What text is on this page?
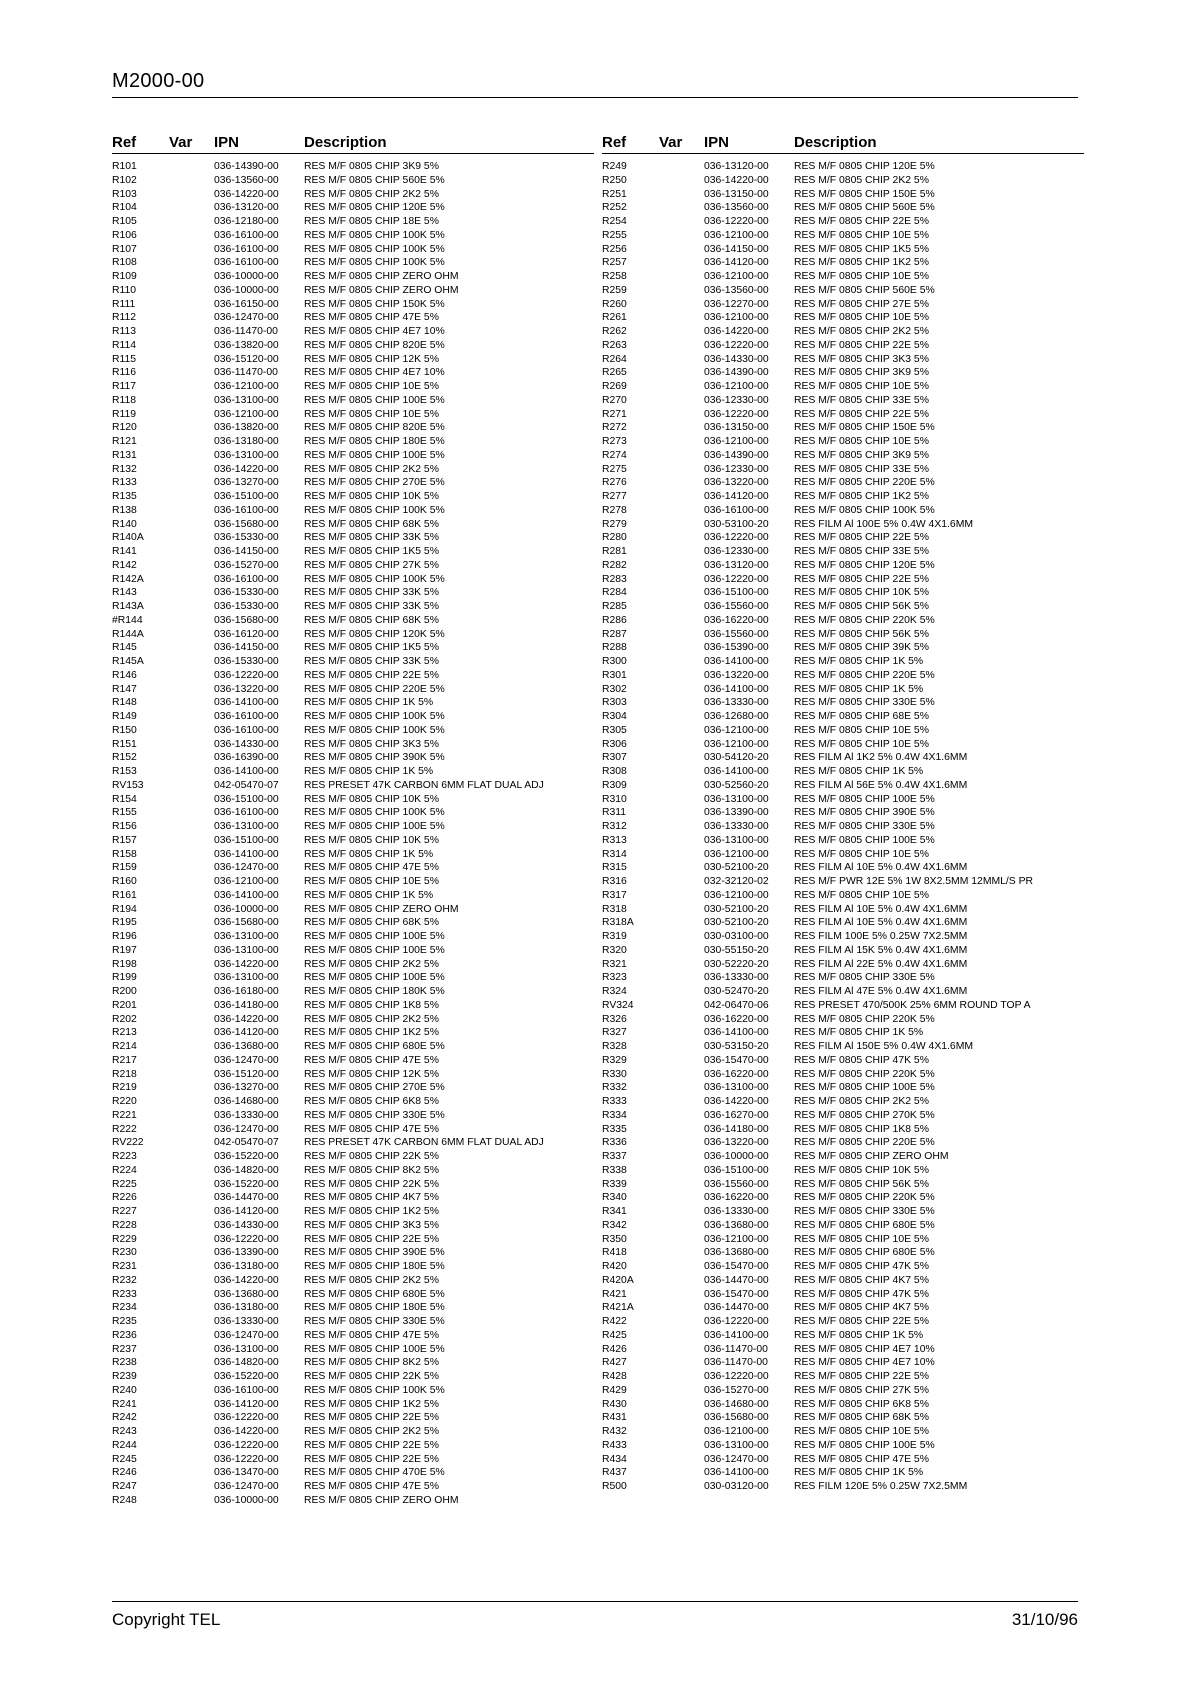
M2000-00
Ref Var IPN	Description
R101	036-14390-00 RES M/F 0805 CHIP 3K9 5%
R102	036-13560-00 RES M/F 0805 CHIP 560E 5%
R103	036-14220-00 RES M/F 0805 CHIP 2K2 5%
R104	036-13120-00 RES M/F 0805 CHIP 120E 5%
R105	036-12180-00 RES M/F 0805 CHIP 18E 5%
R106	036-16100-00 RES M/F 0805 CHIP 100K 5%
R107	036-16100-00 RES M/F 0805 CHIP 100K 5%
R108	036-16100-00 RES M/F 0805 CHIP 100K 5%
R109	036-10000-00 RES M/F 0805 CHIP ZERO OHM
R110	036-10000-00 RES M/F 0805 CHIP ZERO OHM
R111	036-16150-00 RES M/F 0805 CHIP 150K 5%
R112	036-12470-00 RES M/F 0805 CHIP 47E 5%
R113	036-11470-00	RES M/F 0805 CHIP 4E7 10%
R114	036-13820-00 RES M/F 0805 CHIP 820E 5%
R115	036-15120-00 RES M/F 0805 CHIP 12K 5%
R116	036-11470-00	RES M/F 0805 CHIP 4E7 10%
R117	036-12100-00 RES M/F 0805 CHIP 10E 5%
R118	036-13100-00 RES M/F 0805 CHIP 100E 5%
R119	036-12100-00 RES M/F 0805 CHIP 10E 5%
R120	036-13820-00 RES M/F 0805 CHIP 820E 5%
R121	036-13180-00 RES M/F 0805 CHIP 180E 5%
R131	036-13100-00 RES M/F 0805 CHIP 100E 5%
R132	036-14220-00 RES M/F 0805 CHIP 2K2 5%
R133	036-13270-00 RES M/F 0805 CHIP 270E 5%
R135	036-15100-00 RES M/F 0805 CHIP 10K 5%
R138	036-16100-00 RES M/F 0805 CHIP 100K 5%
R140	036-15680-00 RES M/F 0805 CHIP 68K 5%
R140A	036-15330-00 RES M/F 0805 CHIP 33K 5%
R141	036-14150-00 RES M/F 0805 CHIP 1K5 5%
R142	036-15270-00 RES M/F 0805 CHIP 27K 5%
R142A	036-16100-00 RES M/F 0805 CHIP 100K 5%
R143	036-15330-00 RES M/F 0805 CHIP 33K 5%
R143A	036-15330-00 RES M/F 0805 CHIP 33K 5%
#R144	036-15680-00 RES M/F 0805 CHIP 68K 5%
R144A	036-16120-00 RES M/F 0805 CHIP 120K 5%
R145	036-14150-00 RES M/F 0805 CHIP 1K5 5%
R145A	036-15330-00 RES M/F 0805 CHIP 33K 5%
R146	036-12220-00 RES M/F 0805 CHIP 22E 5%
R147	036-13220-00 RES M/F 0805 CHIP 220E 5%
R148	036-14100-00 RES M/F 0805 CHIP 1K 5%
R149	036-16100-00 RES M/F 0805 CHIP 100K 5%
R150	036-16100-00 RES M/F 0805 CHIP 100K 5%
R151	036-14330-00 RES M/F 0805 CHIP 3K3 5%
R152	036-16390-00 RES M/F 0805 CHIP 390K 5%
R153	036-14100-00 RES M/F 0805 CHIP 1K 5%
RV153	042-05470-07 RES PRESET 47K CARBON 6MM FLAT DUAL ADJ
R154	036-15100-00 RES M/F 0805 CHIP 10K 5%
R155	036-16100-00 RES M/F 0805 CHIP 100K 5%
R156	036-13100-00 RES M/F 0805 CHIP 100E 5%
R157	036-15100-00 RES M/F 0805 CHIP 10K 5%
R158	036-14100-00 RES M/F 0805 CHIP 1K 5%
R159	036-12470-00 RES M/F 0805 CHIP 47E 5%
R160	036-12100-00 RES M/F 0805 CHIP 10E 5%
R161	036-14100-00 RES M/F 0805 CHIP 1K 5%
R194	036-10000-00 RES M/F 0805 CHIP ZERO OHM
R195	036-15680-00 RES M/F 0805 CHIP 68K 5%
R196	036-13100-00 RES M/F 0805 CHIP 100E 5%
R197	036-13100-00 RES M/F 0805 CHIP 100E 5%
R198	036-14220-00 RES M/F 0805 CHIP 2K2 5%
R199	036-13100-00 RES M/F 0805 CHIP 100E 5%
R200	036-16180-00 RES M/F 0805 CHIP 180K 5%
R201	036-14180-00 RES M/F 0805 CHIP 1K8 5%
R202	036-14220-00 RES M/F 0805 CHIP 2K2 5%
R213	036-14120-00 RES M/F 0805 CHIP 1K2 5%
R214	036-13680-00 RES M/F 0805 CHIP 680E 5%
R217	036-12470-00 RES M/F 0805 CHIP 47E 5%
R218	036-15120-00 RES M/F 0805 CHIP 12K 5%
R219	036-13270-00 RES M/F 0805 CHIP 270E 5%
R220	036-14680-00 RES M/F 0805 CHIP 6K8 5%
R221	036-13330-00 RES M/F 0805 CHIP 330E 5%
R222	036-12470-00 RES M/F 0805 CHIP 47E 5%
RV222	042-05470-07 RES PRESET 47K CARBON 6MM FLAT DUAL ADJ
R223	036-15220-00 RES M/F 0805 CHIP 22K 5%
R224	036-14820-00 RES M/F 0805 CHIP 8K2 5%
R225	036-15220-00 RES M/F 0805 CHIP 22K 5%
R226	036-14470-00 RES M/F 0805 CHIP 4K7 5%
R227	036-14120-00 RES M/F 0805 CHIP 1K2 5%
R228	036-14330-00 RES M/F 0805 CHIP 3K3 5%
R229	036-12220-00 RES M/F 0805 CHIP 22E 5%
R230	036-13390-00 RES M/F 0805 CHIP 390E 5%
R231	036-13180-00 RES M/F 0805 CHIP 180E 5%
R232	036-14220-00 RES M/F 0805 CHIP 2K2 5%
R233	036-13680-00 RES M/F 0805 CHIP 680E 5%
R234	036-13180-00 RES M/F 0805 CHIP 180E 5%
R235	036-13330-00 RES M/F 0805 CHIP 330E 5%
R236	036-12470-00 RES M/F 0805 CHIP 47E 5%
R237	036-13100-00 RES M/F 0805 CHIP 100E 5%
R238	036-14820-00 RES M/F 0805 CHIP 8K2 5%
R239	036-15220-00 RES M/F 0805 CHIP 22K 5%
R240	036-16100-00 RES M/F 0805 CHIP 100K 5%
R241	036-14120-00 RES M/F 0805 CHIP 1K2 5%
R242	036-12220-00 RES M/F 0805 CHIP 22E 5%
R243	036-14220-00 RES M/F 0805 CHIP 2K2 5%
R244	036-12220-00 RES M/F 0805 CHIP 22E 5%
R245	036-12220-00 RES M/F 0805 CHIP 22E 5%
R246	036-13470-00 RES M/F 0805 CHIP 470E 5%
R247	036-12470-00 RES M/F 0805 CHIP 47E 5%
R248	036-10000-00 RES M/F 0805 CHIP ZERO OHM
Ref Var IPN	Description
R249	036-13120-00 RES M/F 0805 CHIP 120E 5%
R250	036-14220-00 RES M/F 0805 CHIP 2K2 5%
R251	036-13150-00 RES M/F 0805 CHIP 150E 5%
R252	036-13560-00 RES M/F 0805 CHIP 560E 5%
R254	036-12220-00 RES M/F 0805 CHIP 22E 5%
R255	036-12100-00 RES M/F 0805 CHIP 10E 5%
R256	036-14150-00 RES M/F 0805 CHIP 1K5 5%
R257	036-14120-00 RES M/F 0805 CHIP 1K2 5%
R258	036-12100-00 RES M/F 0805 CHIP 10E 5%
R259	036-13560-00 RES M/F 0805 CHIP 560E 5%
R260	036-12270-00 RES M/F 0805 CHIP 27E 5%
R261	036-12100-00 RES M/F 0805 CHIP 10E 5%
R262	036-14220-00 RES M/F 0805 CHIP 2K2 5%
R263	036-12220-00 RES M/F 0805 CHIP 22E 5%
R264	036-14330-00 RES M/F 0805 CHIP 3K3 5%
R265	036-14390-00 RES M/F 0805 CHIP 3K9 5%
R269	036-12100-00 RES M/F 0805 CHIP 10E 5%
R270	036-12330-00 RES M/F 0805 CHIP 33E 5%
R271	036-12220-00 RES M/F 0805 CHIP 22E 5%
R272	036-13150-00 RES M/F 0805 CHIP 150E 5%
R273	036-12100-00 RES M/F 0805 CHIP 10E 5%
R274	036-14390-00 RES M/F 0805 CHIP 3K9 5%
R275	036-12330-00 RES M/F 0805 CHIP 33E 5%
R276	036-13220-00 RES M/F 0805 CHIP 220E 5%
R277	036-14120-00 RES M/F 0805 CHIP 1K2 5%
R278	036-16100-00 RES M/F 0805 CHIP 100K 5%
R279	030-53100-20 RES FILM Al 100E 5% 0.4W 4X1.6MM
R280	036-12220-00 RES M/F 0805 CHIP 22E 5%
R281	036-12330-00 RES M/F 0805 CHIP 33E 5%
R282	036-13120-00 RES M/F 0805 CHIP 120E 5%
R283	036-12220-00 RES M/F 0805 CHIP 22E 5%
R284	036-15100-00 RES M/F 0805 CHIP 10K 5%
R285	036-15560-00 RES M/F 0805 CHIP 56K 5%
R286	036-16220-00 RES M/F 0805 CHIP 220K 5%
R287	036-15560-00 RES M/F 0805 CHIP 56K 5%
R288	036-15390-00 RES M/F 0805 CHIP 39K 5%
R300	036-14100-00 RES M/F 0805 CHIP 1K 5%
R301	036-13220-00 RES M/F 0805 CHIP 220E 5%
R302	036-14100-00 RES M/F 0805 CHIP 1K 5%
R303	036-13330-00 RES M/F 0805 CHIP 330E 5%
R304	036-12680-00 RES M/F 0805 CHIP 68E 5%
R305	036-12100-00 RES M/F 0805 CHIP 10E 5%
R306	036-12100-00 RES M/F 0805 CHIP 10E 5%
R307	030-54120-20 RES FILM Al 1K2 5% 0.4W 4X1.6MM
R308	036-14100-00 RES M/F 0805 CHIP 1K 5%
R309	030-52560-20 RES FILM Al 56E 5% 0.4W 4X1.6MM
R310	036-13100-00 RES M/F 0805 CHIP 100E 5%
R311	036-13390-00 RES M/F 0805 CHIP 390E 5%
R312	036-13330-00 RES M/F 0805 CHIP 330E 5%
R313	036-13100-00 RES M/F 0805 CHIP 100E 5%
R314	036-12100-00 RES M/F 0805 CHIP 10E 5%
R315	030-52100-20 RES FILM Al 10E 5% 0.4W 4X1.6MM
R316	032-32120-02 RES M/F PWR 12E 5% 1W 8X2.5MM 12MML/S PR
R317	036-12100-00 RES M/F 0805 CHIP 10E 5%
R318	030-52100-20 RES FILM Al 10E 5% 0.4W 4X1.6MM
R318A	030-52100-20 RES FILM Al 10E 5% 0.4W 4X1.6MM
R319	030-03100-00 RES FILM 100E 5% 0.25W 7X2.5MM
R320	030-55150-20 RES FILM Al 15K 5% 0.4W 4X1.6MM
R321	030-52220-20 RES FILM Al 22E 5% 0.4W 4X1.6MM
R323	036-13330-00 RES M/F 0805 CHIP 330E 5%
R324	030-52470-20 RES FILM Al 47E 5% 0.4W 4X1.6MM
RV324	042-06470-06 RES PRESET 470/500K 25% 6MM ROUND TOP A
R326	036-16220-00 RES M/F 0805 CHIP 220K 5%
R327	036-14100-00 RES M/F 0805 CHIP 1K 5%
R328	030-53150-20 RES FILM Al 150E 5% 0.4W 4X1.6MM
R329	036-15470-00 RES M/F 0805 CHIP 47K 5%
R330	036-16220-00 RES M/F 0805 CHIP 220K 5%
R332	036-13100-00 RES M/F 0805 CHIP 100E 5%
R333	036-14220-00 RES M/F 0805 CHIP 2K2 5%
R334	036-16270-00 RES M/F 0805 CHIP 270K 5%
R335	036-14180-00 RES M/F 0805 CHIP 1K8 5%
R336	036-13220-00 RES M/F 0805 CHIP 220E 5%
R337	036-10000-00 RES M/F 0805 CHIP ZERO OHM
R338	036-15100-00 RES M/F 0805 CHIP 10K 5%
R339	036-15560-00 RES M/F 0805 CHIP 56K 5%
R340	036-16220-00 RES M/F 0805 CHIP 220K 5%
R341	036-13330-00 RES M/F 0805 CHIP 330E 5%
R342	036-13680-00 RES M/F 0805 CHIP 680E 5%
R350	036-12100-00 RES M/F 0805 CHIP 10E 5%
R418	036-13680-00 RES M/F 0805 CHIP 680E 5%
R420	036-15470-00 RES M/F 0805 CHIP 47K 5%
R420A	036-14470-00 RES M/F 0805 CHIP 4K7 5%
R421	036-15470-00 RES M/F 0805 CHIP 47K 5%
R421A	036-14470-00 RES M/F 0805 CHIP 4K7 5%
R422	036-12220-00 RES M/F 0805 CHIP 22E 5%
R425	036-14100-00 RES M/F 0805 CHIP 1K 5%
R426	036-11470-00	RES M/F 0805 CHIP 4E7 10%
R427	036-11470-00	RES M/F 0805 CHIP 4E7 10%
R428	036-12220-00 RES M/F 0805 CHIP 22E 5%
R429	036-15270-00 RES M/F 0805 CHIP 27K 5%
R430	036-14680-00 RES M/F 0805 CHIP 6K8 5%
R431	036-15680-00 RES M/F 0805 CHIP 68K 5%
R432	036-12100-00 RES M/F 0805 CHIP 10E 5%
R433	036-13100-00 RES M/F 0805 CHIP 100E 5%
R434	036-12470-00 RES M/F 0805 CHIP 47E 5%
R437	036-14100-00 RES M/F 0805 CHIP 1K 5%
R500	030-03120-00 RES FILM 120E 5% 0.25W 7X2.5MM
Copyright TEL	31/10/96
